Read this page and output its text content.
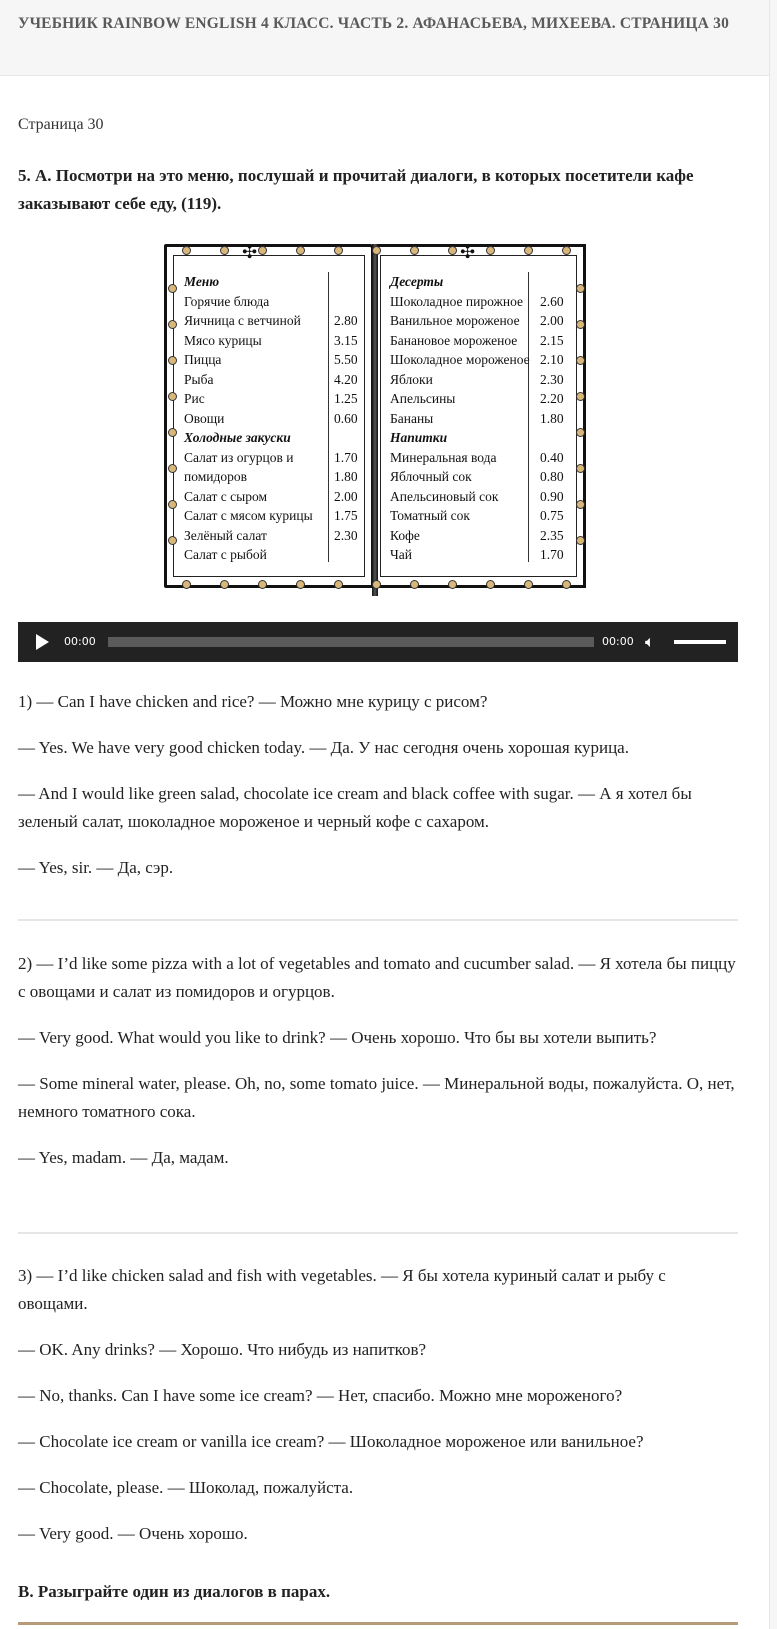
УЧЕБНИК RAINBOW ENGLISH 4 КЛАСС. ЧАСТЬ 2. АФАНАСЬЕВА, МИХЕЕВА. СТРАНИЦА 30
Страница 30

5. А. Посмотри на это меню, послушай и прочитай диалоги, в которых посетители кафе заказывают себе еду, (119).

✣	✣
Меню
Горячие блюда
Яичница с ветчиной 2.80
Мясо курицы	3.15
Пицца	5.50
Рыба	4.20
Рис	1.25
Овощи	0.60
Холодные закуски
Салат из огурцов и	1.70
помидоров	1.80
Салат с сыром	2.00
Салат с мясом курицы 1.75
Зелёный салат	2.30
Салат с рыбой
Десерты
Шоколадное пирожное 2.60
Ванильное мороженое 2.00
Банановое мороженое 2.15
Шоколадное мороженое 2.10
Яблоки	2.30
Апельсины	2.20
Бананы	1.80
Напитки
Минеральная вода	0.40
Яблочный сок	0.80
Апельсиновый сок	0.90
Томатный сок	0.75
Кофе	2.35
Чай	1.70
00:00	00:00 🔈︎

1) — Can I have chicken and rice? — Можно мне курицу с рисом?

— Yes. We have very good chicken today. — Да. У нас сегодня очень хорошая курица.

— And I would like green salad, chocolate ice cream and black coffee with sugar. — А я хотел бы зеленый салат, шоколадное мороженое и черный кофе с сахаром.

— Yes, sir. — Да, сэр.

2) — I’d like some pizza with a lot of vegetables and tomato and cucumber salad. — Я хотела бы пиццу с овощами и салат из помидоров и огурцов.

— Very good. What would you like to drink? — Очень хорошо. Что бы вы хотели выпить?

— Some mineral water, please. Oh, no, some tomato juice. — Минеральной воды, пожалуйста. О, нет, немного томатного сока.

— Yes, madam. — Да, мадам.

3) — I’d like chicken salad and fish with vegetables. — Я бы хотела куриный салат и рыбу с овощами.

— OK. Any drinks? — Хорошо. Что нибудь из напитков?

— No, thanks. Can I have some ice cream? — Нет, спасибо. Можно мне мороженого?

— Chocolate ice cream or vanilla ice cream? — Шоколадное мороженое или ванильное?

— Chocolate, please. — Шоколад, пожалуйста.

— Very good. — Очень хорошо.

В. Разыграйте один из диалогов в парах.
